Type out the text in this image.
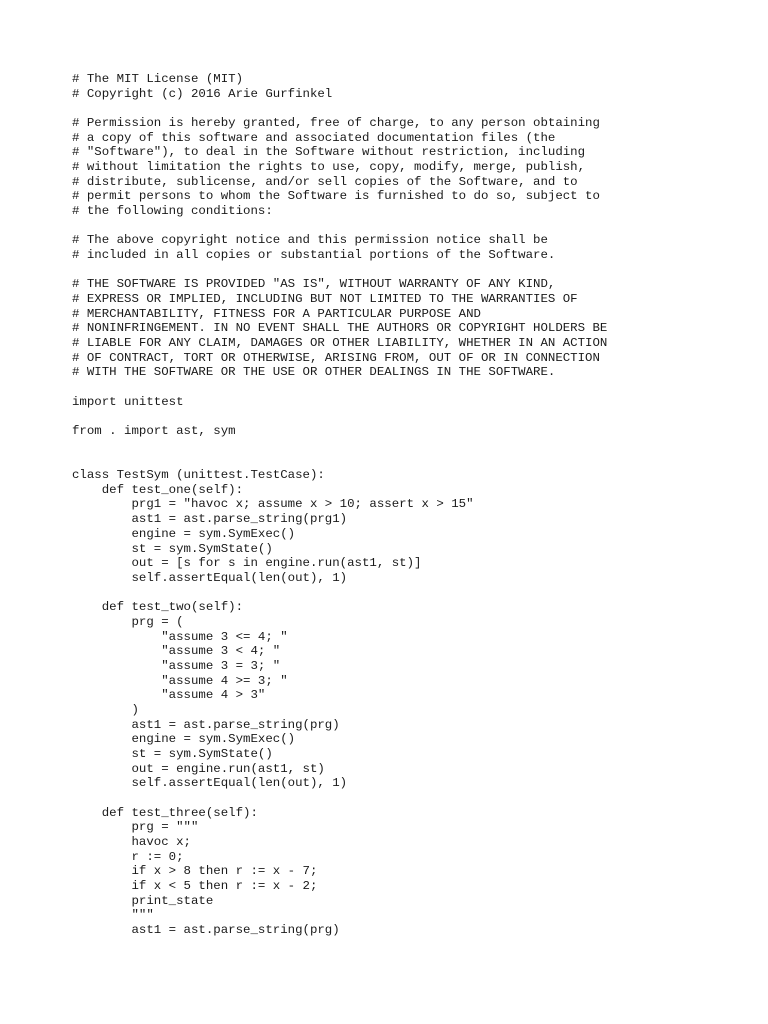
# The MIT License (MIT)
# Copyright (c) 2016 Arie Gurfinkel
# Permission is hereby granted, free of charge, to any person obtaining
# a copy of this software and associated documentation files (the
# "Software"), to deal in the Software without restriction, including
# without limitation the rights to use, copy, modify, merge, publish,
# distribute, sublicense, and/or sell copies of the Software, and to
# permit persons to whom the Software is furnished to do so, subject to
# the following conditions:
# The above copyright notice and this permission notice shall be
# included in all copies or substantial portions of the Software.
# THE SOFTWARE IS PROVIDED "AS IS", WITHOUT WARRANTY OF ANY KIND,
# EXPRESS OR IMPLIED, INCLUDING BUT NOT LIMITED TO THE WARRANTIES OF
# MERCHANTABILITY, FITNESS FOR A PARTICULAR PURPOSE AND
# NONINFRINGEMENT. IN NO EVENT SHALL THE AUTHORS OR COPYRIGHT HOLDERS BE
# LIABLE FOR ANY CLAIM, DAMAGES OR OTHER LIABILITY, WHETHER IN AN ACTION
# OF CONTRACT, TORT OR OTHERWISE, ARISING FROM, OUT OF OR IN CONNECTION
# WITH THE SOFTWARE OR THE USE OR OTHER DEALINGS IN THE SOFTWARE.
import unittest
from . import ast, sym
class TestSym (unittest.TestCase):
def test_one(self):
prg1 = "havoc x; assume x > 10; assert x > 15"
ast1 = ast.parse_string(prg1)
engine = sym.SymExec()
st = sym.SymState()
out = [s for s in engine.run(ast1, st)]
self.assertEqual(len(out), 1)
def test_two(self):
prg = (
"assume 3 <= 4; "
"assume 3 < 4; "
"assume 3 = 3; "
"assume 4 >= 3; "
"assume 4 > 3"
)
ast1 = ast.parse_string(prg)
engine = sym.SymExec()
st = sym.SymState()
out = engine.run(ast1, st)
self.assertEqual(len(out), 1)
def test_three(self):
prg = """
havoc x;
r := 0;
if x > 8 then r := x - 7;
if x < 5 then r := x - 2;
print_state
"""
ast1 = ast.parse_string(prg)
